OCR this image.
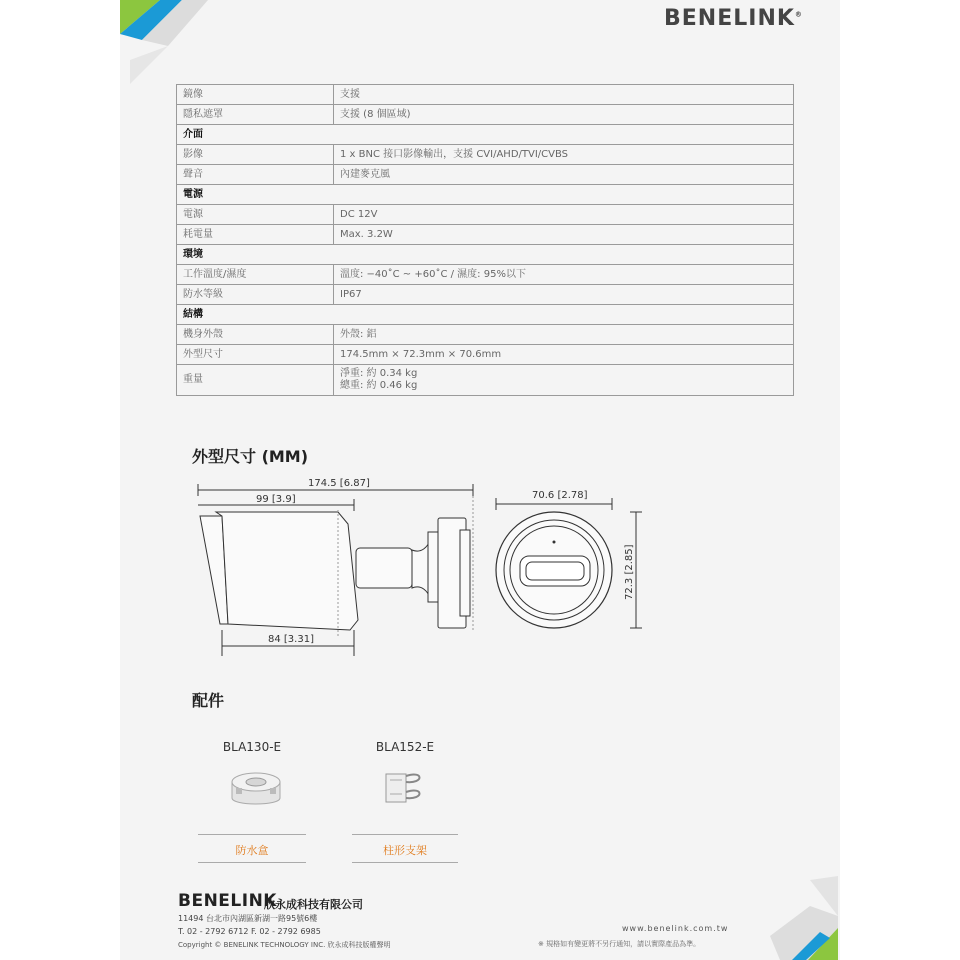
BENELINK®
鏡像	支援
隱私遮罩	支援 (8 個區域)
介面	
影像	1 x BNC 接口影像輸出，支援 CVI/AHD/TVI/CVBS
聲音	內建麥克風
電源	
電源	DC 12V
耗電量	Max. 3.2W
環境	
工作溫度/濕度	溫度: −40˚C ~ +60˚C / 濕度: 95%以下
防水等級	IP67
結構	
機身外殼	外殼: 鋁
外型尺寸	174.5mm × 72.3mm × 70.6mm
重量	淨重: 約 0.34 kg
總重: 約 0.46 kg
外型尺寸 (MM)
174.5 [6.87]
99 [3.9]
84 [3.31]
70.6 [2.78]
72.3 [2.85]
配件
BLA130-E
防水盒
BLA152-E
柱形支架
BENELINK
欣永成科技有限公司
11494 台北市內湖區新湖一路95號6樓
T. 02 - 2792 6712 F. 02 - 2792 6985
Copyright © BENELINK TECHNOLOGY INC. 欣永成科技版權聲明
www.benelink.com.tw
※ 規格如有變更將不另行通知，請以實際產品為準。
